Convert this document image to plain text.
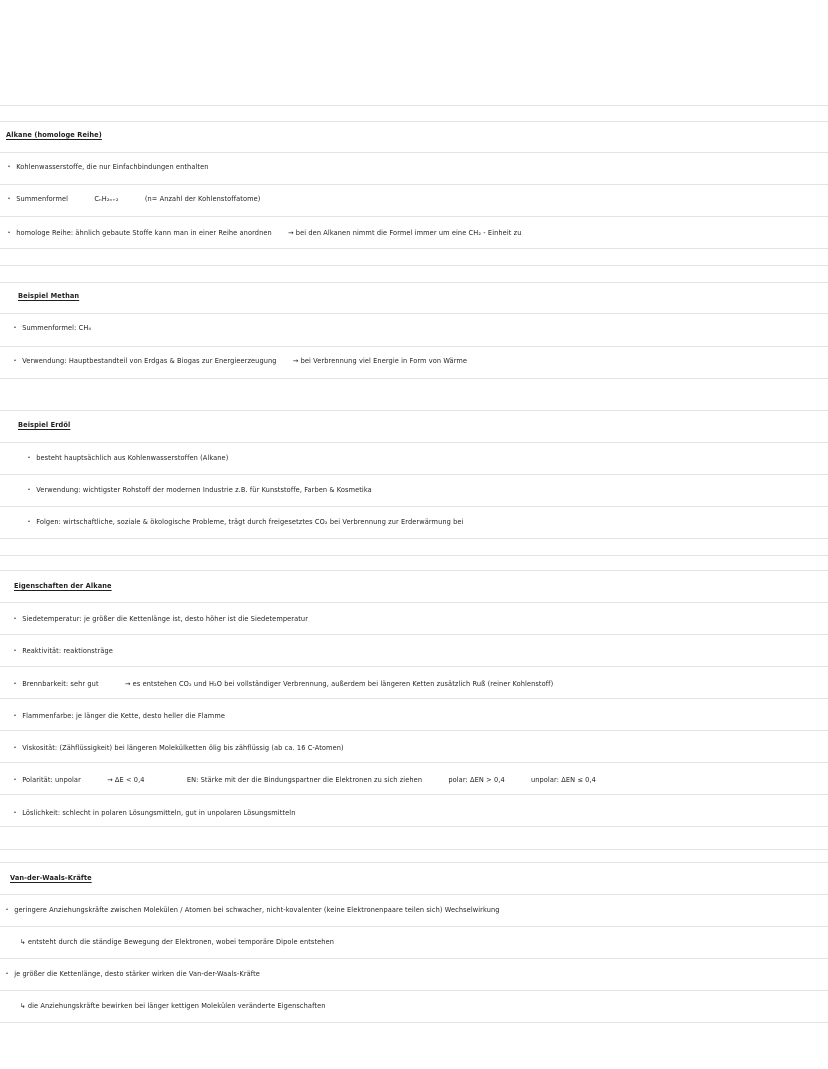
Alkane (homologe Reihe)
· Kohlenwasserstoffe, die nur Einfachbindungen enthalten
· Summenformel	CₙH₂ₙ₊₂	(n= Anzahl der Kohlenstoffatome)
· homologe Reihe: ähnlich gebaute Stoffe kann man in einer Reihe anordnen → bei den Alkanen nimmt die Formel immer um eine CH₂ - Einheit zu
Beispiel Methan
· Summenformel: CH₄
· Verwendung: Hauptbestandteil von Erdgas & Biogas zur Energieerzeugung → bei Verbrennung viel Energie in Form von Wärme
Beispiel Erdöl
· besteht hauptsächlich aus Kohlenwasserstoffen (Alkane)
· Verwendung: wichtigster Rohstoff der modernen Industrie z.B. für Kunststoffe, Farben & Kosmetika
· Folgen: wirtschaftliche, soziale & ökologische Probleme, trägt durch freigesetztes CO₂ bei Verbrennung zur Erderwärmung bei
Eigenschaften der Alkane
· Siedetemperatur: je größer die Kettenlänge ist, desto höher ist die Siedetemperatur
· Reaktivität: reaktionsträge
· Brennbarkeit: sehr gut	→ es entstehen CO₂ und H₂O bei vollständiger Verbrennung, außerdem bei längeren Ketten zusätzlich Ruß (reiner Kohlenstoff)
· Flammenfarbe: je länger die Kette, desto heller die Flamme
· Viskosität: (Zähflüssigkeit) bei längeren Molekülketten ölig bis zähflüssig (ab ca. 16 C-Atomen)
· Polarität: unpolar	→ ΔE < 0,4	EN: Stärke mit der die Bindungspartner die Elektronen zu sich ziehen	polar: ΔEN > 0,4	unpolar: ΔEN ≤ 0,4
· Löslichkeit: schlecht in polaren Lösungsmitteln, gut in unpolaren Lösungsmitteln
Van-der-Waals-Kräfte
· geringere Anziehungskräfte zwischen Molekülen / Atomen bei schwacher, nicht-kovalenter (keine Elektronenpaare teilen sich) Wechselwirkung
↳ entsteht durch die ständige Bewegung der Elektronen, wobei temporäre Dipole entstehen
· je größer die Kettenlänge, desto stärker wirken die Van-der-Waals-Kräfte
↳ die Anziehungskräfte bewirken bei länger kettigen Molekülen veränderte Eigenschaften
